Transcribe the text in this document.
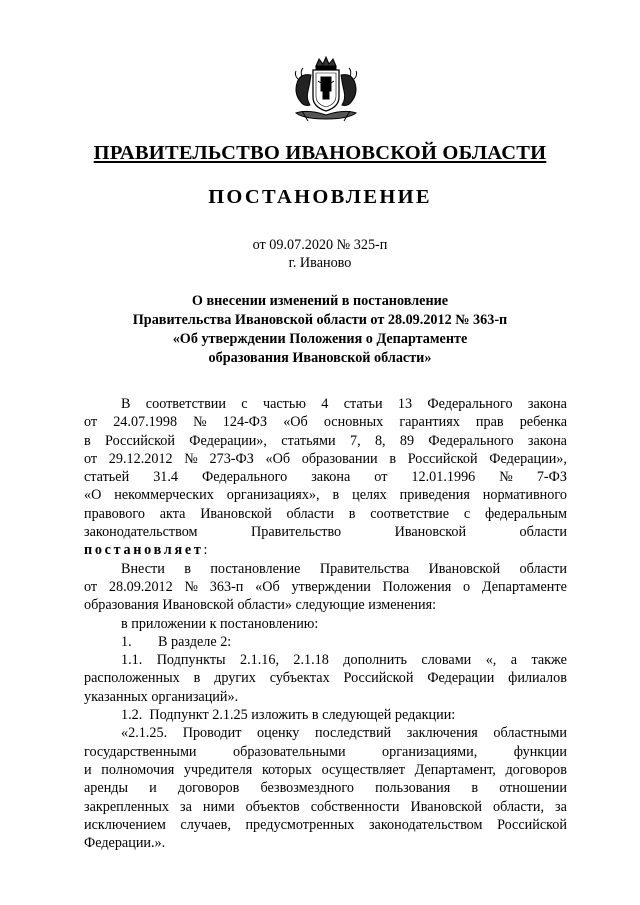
ПРАВИТЕЛЬСТВО ИВАНОВСКОЙ ОБЛАСТИ
ПОСТАНОВЛЕНИЕ
от 09.07.2020 № 325-п
г. Иваново
О внесении изменений в постановление
Правительства Ивановской области от 28.09.2012 № 363-п
«Об утверждении Положения о Департаменте
образования Ивановской области»
В соответствии с частью 4 статьи 13 Федерального закона
от 24.07.1998 № 124-ФЗ «Об основных гарантиях прав ребенка
в Российской Федерации», статьями 7, 8, 89 Федерального закона
от 29.12.2012 № 273-ФЗ «Об образовании в Российской Федерации»,
статьей 31.4 Федерального закона от 12.01.1996 № 7-ФЗ
«О некоммерческих организациях», в целях приведения нормативного
правового акта Ивановской области в соответствие с федеральным
законодательством	Правительство	Ивановской	области
постановляет :
Внести в постановление Правительства Ивановской области
от 28.09.2012 № 363-п «Об утверждении Положения о Департаменте
образования Ивановской области» следующие изменения:
в приложении к постановлению:
1.	В разделе 2:
1.1. Подпункты 2.1.16, 2.1.18 дополнить словами «, а также
расположенных в других субъектах Российской Федерации филиалов
указанных организаций».
1.2.  Подпункт 2.1.25 изложить в следующей редакции:
«2.1.25. Проводит оценку последствий заключения областными
государственными	образовательными	организациями,	функции
и полномочия учредителя которых осуществляет Департамент, договоров
аренды и договоров безвозмездного пользования в отношении
закрепленных за ними объектов собственности Ивановской области, за
исключением случаев, предусмотренных законодательством Российской
Федерации.».
